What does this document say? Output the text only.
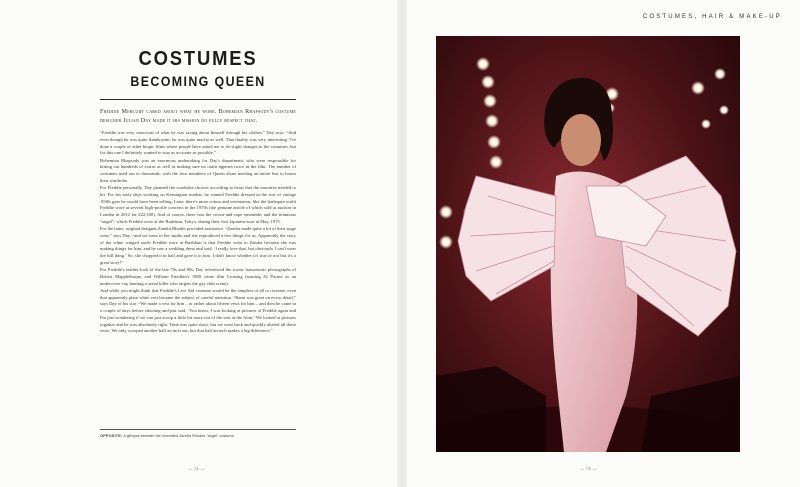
COSTUMES
BECOMING QUEEN
Freddie Mercury cared about what he wore. Bohemian Rhapsody's costume designer Julian Day made it his mission do fully respect that.

“Freddie was very conscious of what he was saying about himself through his clothes,” Day says. “And even though he was quite flamboyant, he was quite macho as well. That duality was very interesting. I've done a couple of other biopic films where people have asked me to do slight changes to the costumes, but for this one I definitely wanted to stay as accurate as possible.”

Bohemian Rhapsody was an enormous undertaking for Day's department, who were responsible for kitting out hundreds of extras as well as making sure no outfit appears twice in the film. The number of costumes used ran to thousands, with the four members of Queen alone needing an entire bus to house their wardrobe.

For Freddie personally, Day planned the wardrobe choices according to beats that the narrative needed to hit. For his early days working on Kensington market, he wanted Freddie dressed in the sort of vintage 1930s gear he would have been selling. Later, there's more colour and ostentation, like the harlequin outfit Freddie wore at several high-profile concerts in the 1970s (the genuine article of which sold at auction in London in 2012 for £22,500). And of course, there was the crown-and-cape ensemble, and the infamous “angel”, which Freddie wore at the Budokan, Tokyo, during their first Japanese tour in May, 1975.

For the latter, original designer Zandra Rhodes provided assistance. “Zandra made quite a lot of their stage wear,” says Day, “and we went to her studio and she reproduced a few things for us. Apparently the story of the white winged outfit Freddie wore at Budokan is that Freddie went to Zandra because she was making things for him, and he saw a wedding dress and said, ‘I really love that, but obviously I can't wear the full thing.’ So, she chopped it in half and gave it to him. I don't know whether it's true or not but it's a great story!”

For Freddie's leather look of the late 70s and 80s, Day referenced the iconic homoerotic photographs of Robert Mapplethorpe, and William Friedkin's 1980 crime film Cruising (starring Al Pacino as an undercover cop hunting a serial killer who targets the gay club scene).

And while you might think that Freddie's Live Aid costume would be the simplest of all to recreate, even that apparently plain white vest became the subject of careful attention. “Rami was great on every detail,” says Day of his star. “We made a vest for him – or rather about fifteen vests for him – and then he came in a couple of days before shooting and just said, ‘You know, I was looking at pictures of Freddie again and I'm just wondering if we can just scoop a little bit more out of the vest at the front.’ We looked at pictures together and he was absolutely right. Time was quite short, but we went back and quickly altered all these vests. We only scooped another half an inch out, but that half an inch makes a big difference.”

OPPOSITE: A glimpse beneath the recreated Zandra Rhodes "angel" costume.
— 74 —
COSTUMES, HAIR & MAKE-UP
— 75 —
